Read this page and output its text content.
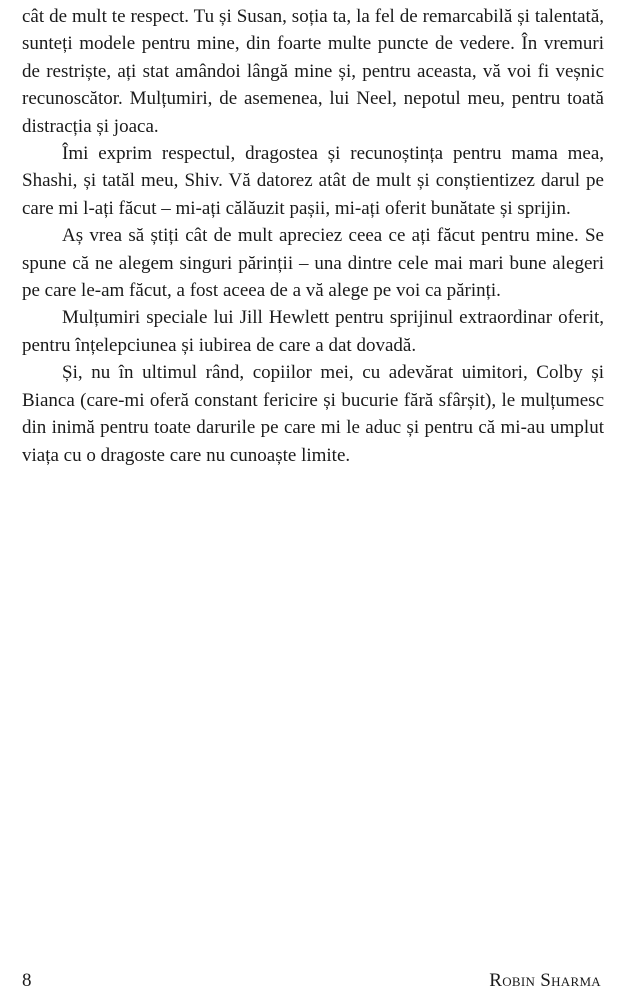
cât de mult te respect. Tu și Susan, soția ta, la fel de remarcabilă și talentată, sunteți modele pentru mine, din foarte multe puncte de vedere. În vremuri de restriște, ați stat amândoi lângă mine și, pentru aceasta, vă voi fi veșnic recunoscător. Mulțumiri, de asemenea, lui Neel, nepotul meu, pentru toată distracția și joaca.

Îmi exprim respectul, dragostea și recunoștința pentru mama mea, Shashi, și tatăl meu, Shiv. Vă datorez atât de mult și conștientizez darul pe care mi l-ați făcut – mi-ați călăuzit pașii, mi-ați oferit bunătate și sprijin.

Aș vrea să știți cât de mult apreciez ceea ce ați făcut pentru mine. Se spune că ne alegem singuri părinții – una dintre cele mai mari bune alegeri pe care le-am făcut, a fost aceea de a vă alege pe voi ca părinți.

Mulțumiri speciale lui Jill Hewlett pentru sprijinul extraordinar oferit, pentru înțelepciunea și iubirea de care a dat dovadă.

Și, nu în ultimul rând, copiilor mei, cu adevărat uimitori, Colby și Bianca (care-mi oferă constant fericire și bucurie fără sfârșit), le mulțumesc din inimă pentru toate darurile pe care mi le aduc și pentru că mi-au umplut viața cu o dragoste care nu cunoaște limite.

8	Robin Sharma
